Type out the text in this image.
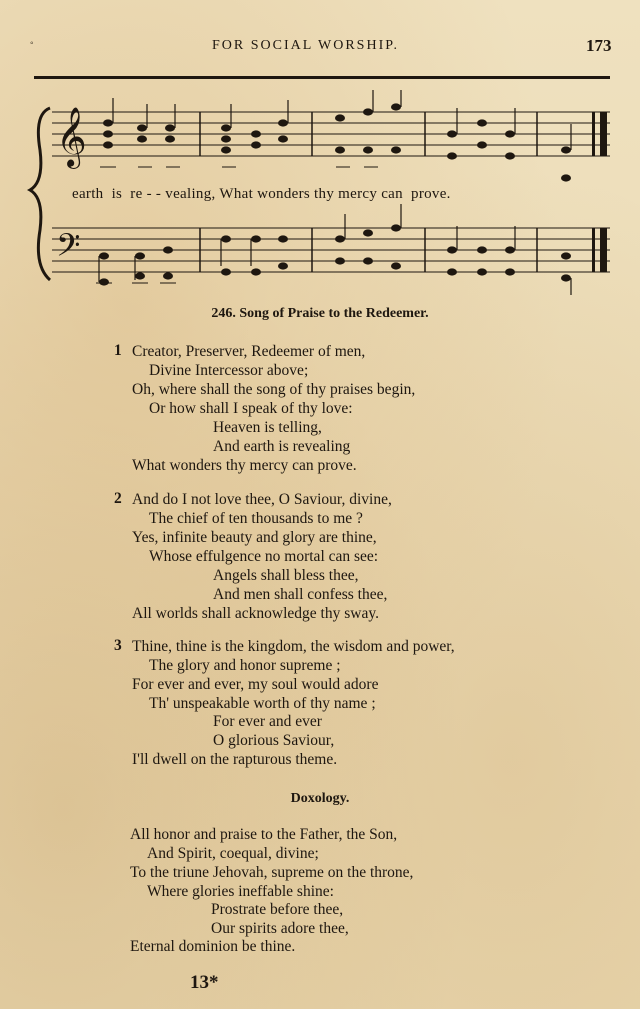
◦	FOR SOCIAL WORSHIP.	173
𝄞
𝄢
earth  is  re - - vealing, What wonders thy mercy can  prove.
246. Song of Praise to the Redeemer.
1 Creator, Preserver, Redeemer of men,
Divine Intercessor above;
Oh, where shall the song of thy praises begin,
Or how shall I speak of thy love:
Heaven is telling,
And earth is revealing
What wonders thy mercy can prove.
2 And do I not love thee, O Saviour, divine,
The chief of ten thousands to me ?
Yes, infinite beauty and glory are thine,
Whose effulgence no mortal can see:
Angels shall bless thee,
And men shall confess thee,
All worlds shall acknowledge thy sway.
3 Thine, thine is the kingdom, the wisdom and power,
The glory and honor supreme ;
For ever and ever, my soul would adore
Th' unspeakable worth of thy name ;
For ever and ever
O glorious Saviour,
I'll dwell on the rapturous theme.
Doxology.
All honor and praise to the Father, the Son,
And Spirit, coequal, divine;
To the triune Jehovah, supreme on the throne,
Where glories ineffable shine:
Prostrate before thee,
Our spirits adore thee,
Eternal dominion be thine.
13*
